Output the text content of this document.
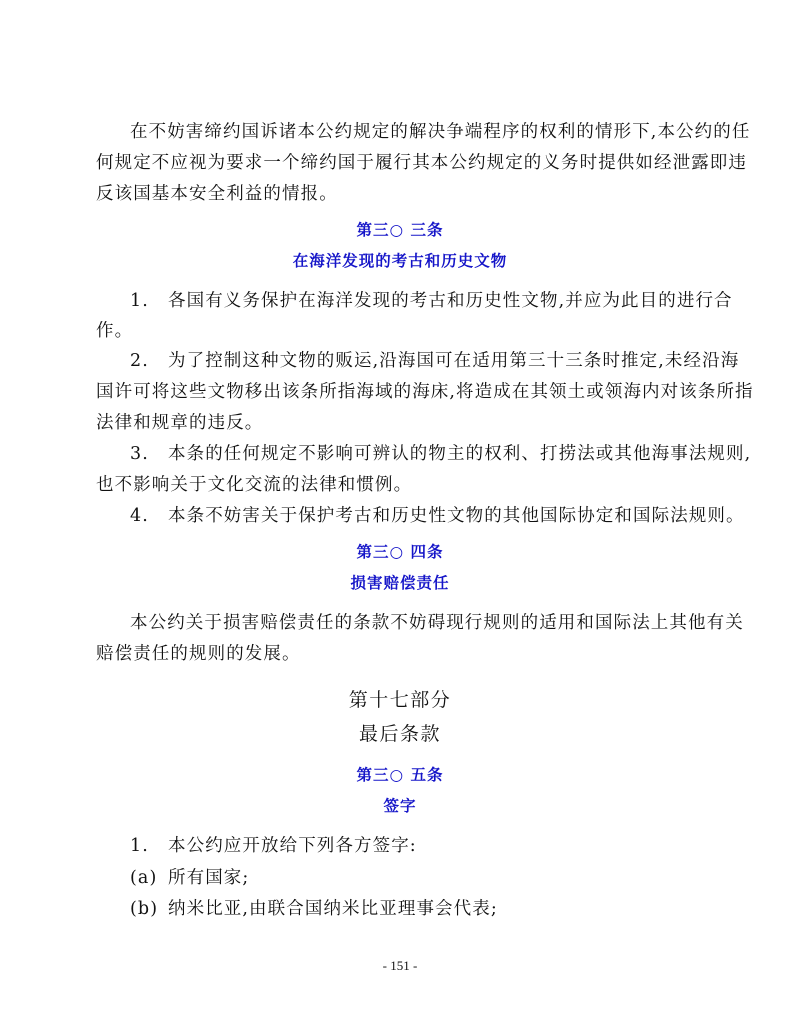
在不妨害缔约国诉诸本公约规定的解决争端程序的权利的情形下,本公约的任
何规定不应视为要求一个缔约国于履行其本公约规定的义务时提供如经泄露即违
反该国基本安全利益的情报。
第三○ 三条
在海洋发现的考古和历史文物
1. 各国有义务保护在海洋发现的考古和历史性文物,并应为此目的进行合
作。
2. 为了控制这种文物的贩运,沿海国可在适用第三十三条时推定,未经沿海
国许可将这些文物移出该条所指海域的海床,将造成在其领土或领海内对该条所指
法律和规章的违反。
3. 本条的任何规定不影响可辨认的物主的权利、打捞法或其他海事法规则,
也不影响关于文化交流的法律和惯例。
4. 本条不妨害关于保护考古和历史性文物的其他国际协定和国际法规则。
第三○ 四条
损害赔偿责任
本公约关于损害赔偿责任的条款不妨碍现行规则的适用和国际法上其他有关
赔偿责任的规则的发展。
第十七部分
最后条款
第三○ 五条
签字
1. 本公约应开放给下列各方签字:
(a) 所有国家;
(b) 纳米比亚,由联合国纳米比亚理事会代表;
- 151 -
